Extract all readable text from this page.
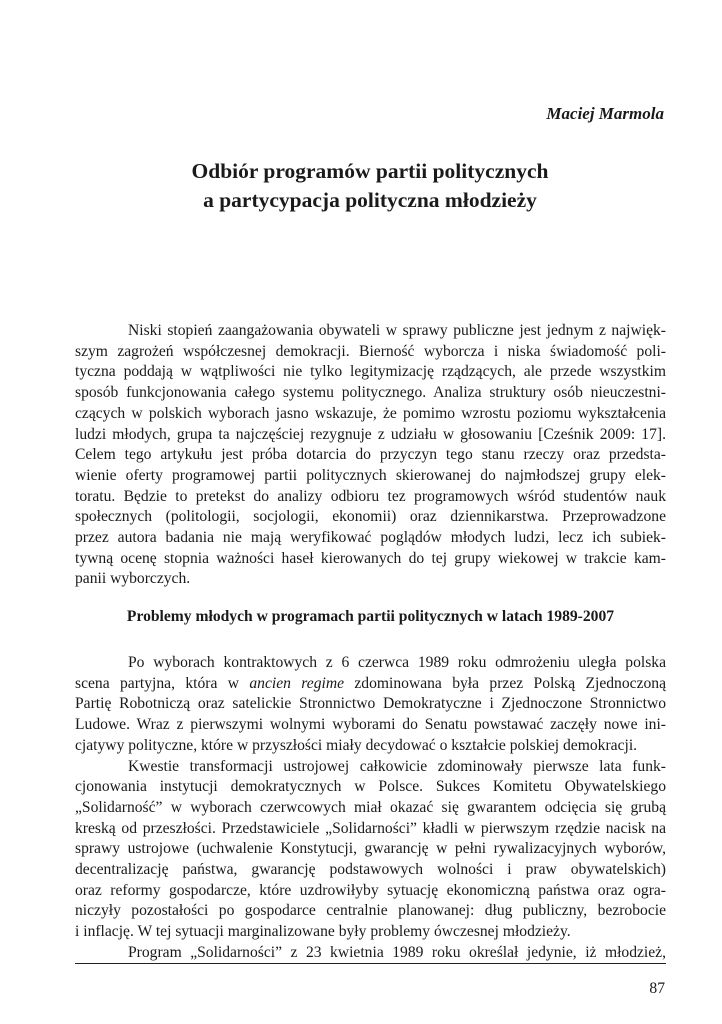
Maciej Marmola

Odbiór programów partii politycznych
a partycypacja polityczna młodzieży
Niski stopień zaangażowania obywateli w sprawy publiczne jest jednym z najwięk-
szym zagrożeń współczesnej demokracji. Bierność wyborcza i niska świadomość poli-
tyczna poddają w wątpliwości nie tylko legitymizację rządzących, ale przede wszystkim
sposób funkcjonowania całego systemu politycznego. Analiza struktury osób nieuczestni-
czących w polskich wyborach jasno wskazuje, że pomimo wzrostu poziomu wykształcenia
ludzi młodych, grupa ta najczęściej rezygnuje z udziału w głosowaniu [Cześnik 2009: 17].
Celem tego artykułu jest próba dotarcia do przyczyn tego stanu rzeczy oraz przedsta-
wienie oferty programowej partii politycznych skierowanej do najmłodszej grupy elek-
toratu. Będzie to pretekst do analizy odbioru tez programowych wśród studentów nauk
społecznych (politologii, socjologii, ekonomii) oraz dziennikarstwa. Przeprowadzone
przez autora badania nie mają weryfikować poglądów młodych ludzi, lecz ich subiek-
tywną ocenę stopnia ważności haseł kierowanych do tej grupy wiekowej w trakcie kam-
panii wyborczych.
Problemy młodych w programach partii politycznych w latach 1989-2007
Po wyborach kontraktowych z 6 czerwca 1989 roku odmrożeniu uległa polska
scena partyjna, która w ancien regime zdominowana była przez Polską Zjednoczoną
Partię Robotniczą oraz satelickie Stronnictwo Demokratyczne i Zjednoczone Stronnictwo
Ludowe. Wraz z pierwszymi wolnymi wyborami do Senatu powstawać zaczęły nowe ini-
cjatywy polityczne, które w przyszłości miały decydować o kształcie polskiej demokracji.
Kwestie transformacji ustrojowej całkowicie zdominowały pierwsze lata funk-
cjonowania instytucji demokratycznych w Polsce. Sukces Komitetu Obywatelskiego
„Solidarność” w wyborach czerwcowych miał okazać się gwarantem odcięcia się grubą
kreską od przeszłości. Przedstawiciele „Solidarności” kładli w pierwszym rzędzie nacisk na
sprawy ustrojowe (uchwalenie Konstytucji, gwarancję w pełni rywalizacyjnych wyborów,
decentralizację państwa, gwarancję podstawowych wolności i praw obywatelskich)
oraz reformy gospodarcze, które uzdrowiłyby sytuację ekonomiczną państwa oraz ogra-
niczyły pozostałości po gospodarce centralnie planowanej: dług publiczny, bezrobocie
i inflację. W tej sytuacji marginalizowane były problemy ówczesnej młodzieży.
Program „Solidarności” z 23 kwietnia 1989 roku określał jedynie, iż młodzież,

87
